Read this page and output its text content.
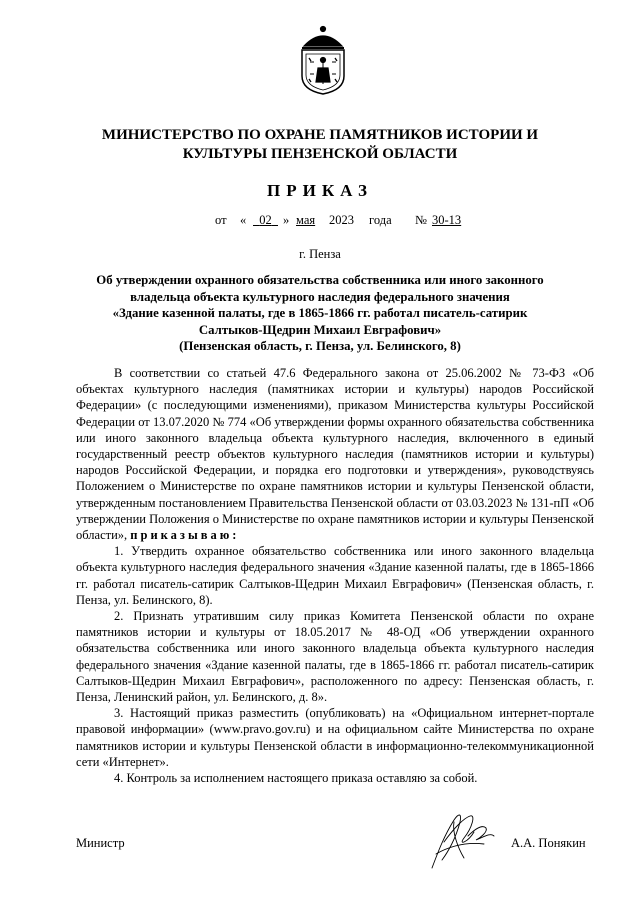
МИНИСТЕРСТВО ПО ОХРАНЕ ПАМЯТНИКОВ ИСТОРИИ И
КУЛЬТУРЫ ПЕНЗЕНСКОЙ ОБЛАСТИ
ПРИКАЗ
от «	02 » мая 2023 года № 30-13
г. Пенза
Об утверждении охранного обязательства собственника или иного законного
владельца объекта культурного наследия федерального значения
«Здание казенной палаты, где в 1865-1866 гг. работал писатель-сатирик
Салтыков-Щедрин Михаил Евграфович»
(Пензенская область, г. Пенза, ул. Белинского, 8)

В соответствии со статьей 47.6 Федерального закона от 25.06.2002 № 73-ФЗ «Об объектах культурного наследия (памятниках истории и культуры) народов Российской Федерации» (с последующими изменениями), приказом Министерства культуры Российской Федерации от 13.07.2020 № 774 «Об утверждении формы охранного обязательства собственника или иного законного владельца объекта культурного наследия, включенного в единый государственный реестр объектов культурного наследия (памятников истории и культуры) народов Российской Федерации, и порядка его подготовки и утверждения», руководствуясь Положением о Министерстве по охране памятников истории и культуры Пензенской области, утвержденным постановлением Правительства Пензенской области от 03.03.2023 № 131-пП «Об утверждении Положения о Министерстве по охране памятников истории и культуры Пензенской области», приказываю:

1. Утвердить охранное обязательство собственника или иного законного владельца объекта культурного наследия федерального значения «Здание казенной палаты, где в 1865-1866 гг. работал писатель-сатирик Салтыков-Щедрин Михаил Евграфович» (Пензенская область, г. Пенза, ул. Белинского, 8).

2. Признать утратившим силу приказ Комитета Пензенской области по охране памятников истории и культуры от 18.05.2017 № 48-ОД «Об утверждении охранного обязательства собственника или иного законного владельца объекта культурного наследия федерального значения «Здание казенной палаты, где в 1865-1866 гг. работал писатель-сатирик Салтыков-Щедрин Михаил Евграфович», расположенного по адресу: Пензенская область, г. Пенза, Ленинский район, ул. Белинского, д. 8».

3. Настоящий приказ разместить (опубликовать) на «Официальном интернет-портале правовой информации» (www.pravo.gov.ru) и на официальном сайте Министерства по охране памятников истории и культуры Пензенской области в информационно-телекоммуникационной сети «Интернет».

4. Контроль за исполнением настоящего приказа оставляю за собой.

Министр	А.А. Понякин
